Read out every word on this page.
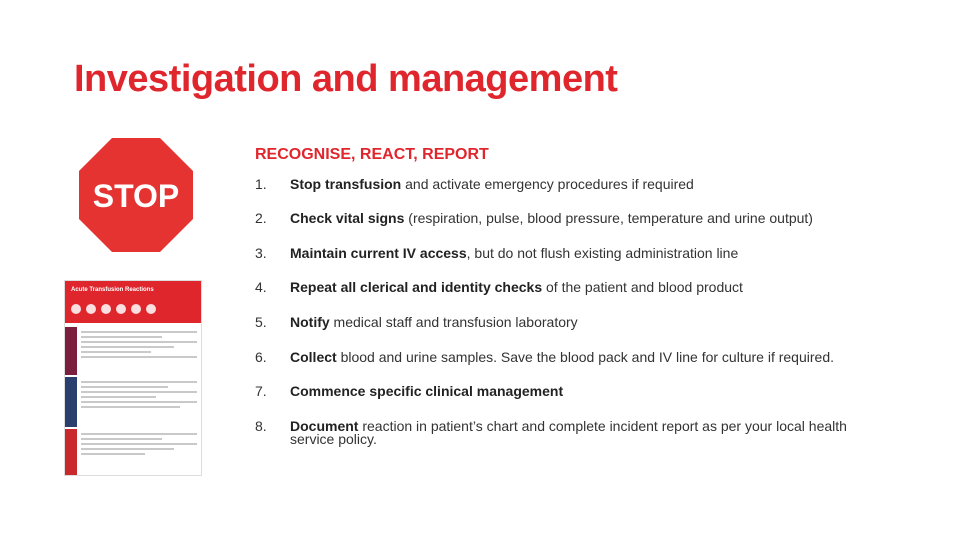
Investigation and management
STOP
Acute Transfusion Reactions
RECOGNISE, REACT, REPORT
1. Stop transfusion and activate emergency procedures if required
2. Check vital signs (respiration, pulse, blood pressure, temperature and urine output)
3. Maintain current IV access, but do not flush existing administration line
4. Repeat all clerical and identity checks of the patient and blood product
5. Notify medical staff and transfusion laboratory
6. Collect blood and urine samples. Save the blood pack and IV line for culture if required.
7. Commence specific clinical management
8. Document reaction in patient’s chart and complete incident report as per your local health service policy.
